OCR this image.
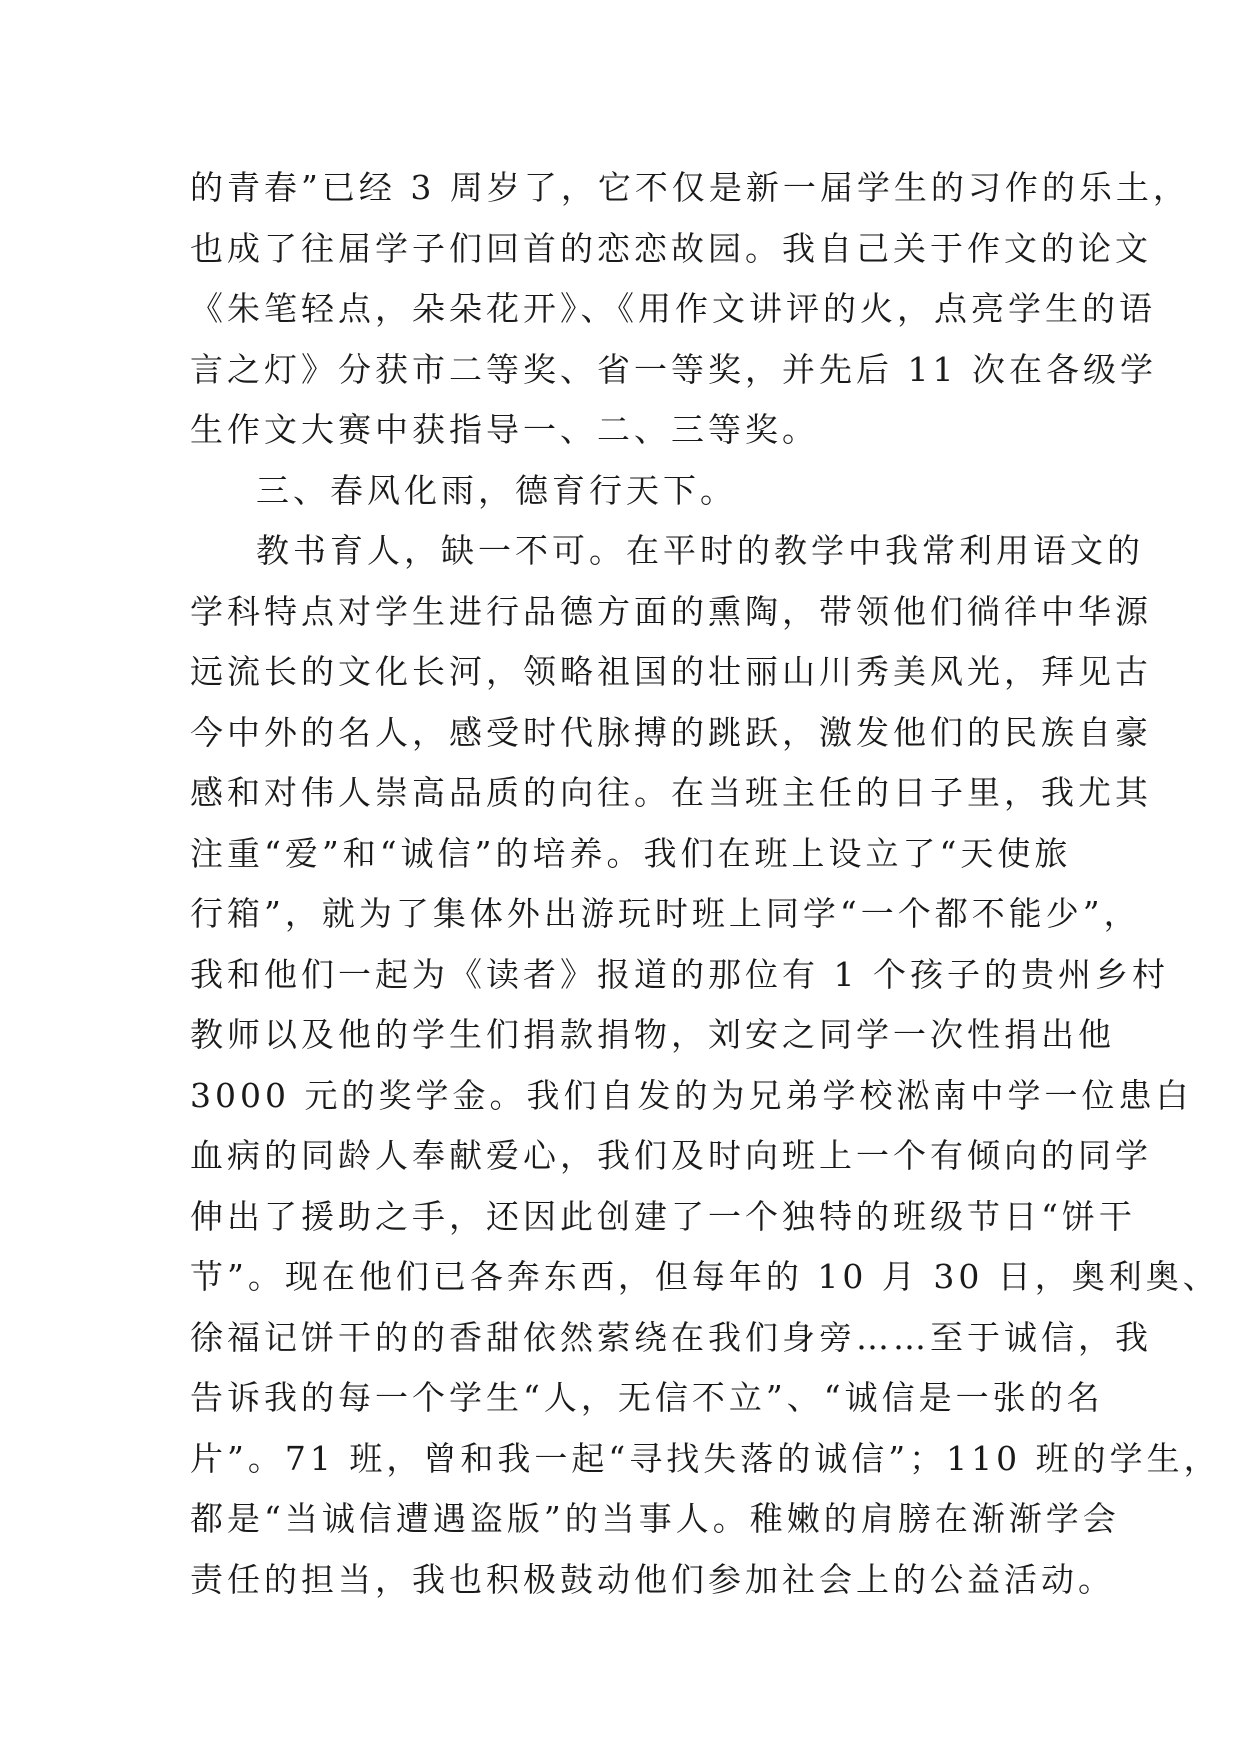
的青春”已经 3 周岁了，它不仅是新一届学生的习作的乐土，
也成了往届学子们回首的恋恋故园。我自己关于作文的论文
《朱笔轻点，朵朵花开》、《用作文讲评的火，点亮学生的语
言之灯》分获市二等奖、省一等奖，并先后 11 次在各级学
生作文大赛中获指导一、二、三等奖。
三、春风化雨，德育行天下。
教书育人，缺一不可。在平时的教学中我常利用语文的
学科特点对学生进行品德方面的熏陶，带领他们徜徉中华源
远流长的文化长河，领略祖国的壮丽山川秀美风光，拜见古
今中外的名人，感受时代脉搏的跳跃，激发他们的民族自豪
感和对伟人崇高品质的向往。在当班主任的日子里，我尤其
注重“爱”和“诚信”的培养。我们在班上设立了“天使旅
行箱”，就为了集体外出游玩时班上同学“一个都不能少”，
我和他们一起为《读者》报道的那位有 1 个孩子的贵州乡村
教师以及他的学生们捐款捐物，刘安之同学一次性捐出他
3000 元的奖学金。我们自发的为兄弟学校淞南中学一位患白
血病的同龄人奉献爱心，我们及时向班上一个有倾向的同学
伸出了援助之手，还因此创建了一个独特的班级节日“饼干
节”。现在他们已各奔东西，但每年的 10 月 30 日，奥利奥、
徐福记饼干的的香甜依然萦绕在我们身旁……至于诚信，我
告诉我的每一个学生“人，无信不立”、“诚信是一张的名
片”。71 班，曾和我一起“寻找失落的诚信”；110 班的学生，
都是“当诚信遭遇盗版”的当事人。稚嫩的肩膀在渐渐学会
责任的担当，我也积极鼓动他们参加社会上的公益活动。
